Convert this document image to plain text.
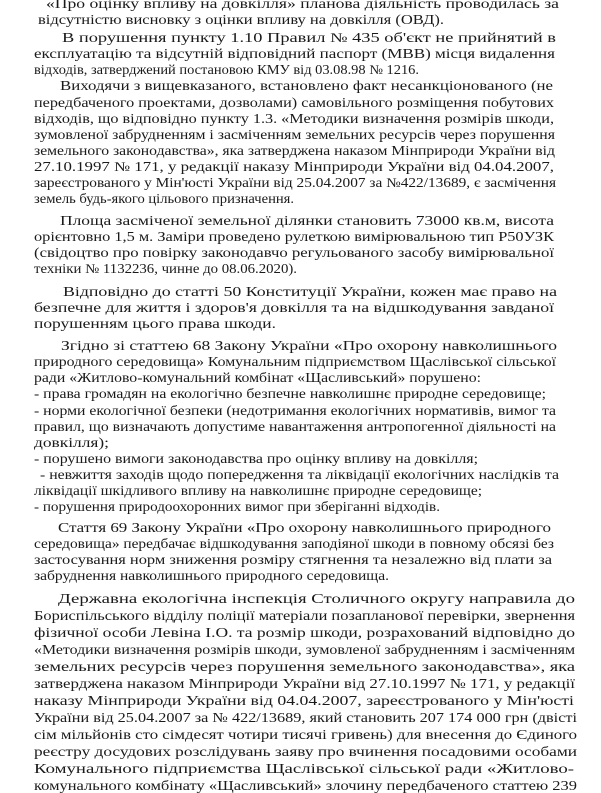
«Про оцінку впливу на довкілля» планова діяльність проводилась за
відсутністю висновку з оцінки впливу на довкілля (ОВД).
В порушення пункту 1.10 Правил № 435 об'єкт не прийнятий в
експлуатацію та відсутній відповідний паспорт (МВВ) місця видалення
відходів, затверджений постановою КМУ від 03.08.98 № 1216.
Виходячи з вищевказаного, встановлено факт несанкціонованого (не
передбаченого проектами, дозволами) самовільного розміщення побутових
відходів, що відповідно пункту 1.3. «Методики визначення розмірів шкоди,
зумовленої забрудненням і засміченням земельних ресурсів через порушення
земельного законодавства», яка затверджена наказом Мінприроди України від
27.10.1997 № 171, у редакції наказу Мінприроди України від 04.04.2007,
зареєстрованого у Мін'юсті України від 25.04.2007 за №422/13689, є засмічення
земель будь-якого цільового призначення.
Площа засміченої земельної ділянки становить 73000 кв.м, висота
орієнтовно 1,5 м. Заміри проведено рулеткою вимірювальною тип Р50УЗК
(свідоцтво про повірку законодавчо регульованого засобу вимірювальної
техніки № 1132236, чинне до 08.06.2020).
Відповідно до статті 50 Конституції України, кожен має право на
безпечне для життя і здоров'я довкілля та на відшкодування завданої
порушенням цього права шкоди.
Згідно зі статтею 68 Закону України «Про охорону навколишнього
природного середовища» Комунальним підприємством Щаслівської сільської
ради «Житлово-комунальний комбінат «Щасливський» порушено:
- права громадян на екологічно безпечне навколишнє природне середовище;
- норми екологічної безпеки (недотримання екологічних нормативів, вимог та
правил, що визначають допустиме навантаження антропогенної діяльності на
довкілля);
- порушено вимоги законодавства про оцінку впливу на довкілля;
- невжиття заходів щодо попередження та ліквідації екологічних наслідків та
ліквідації шкідливого впливу на навколишнє природне середовище;
- порушення природоохоронних вимог при зберіганні відходів.
Стаття 69 Закону України «Про охорону навколишнього природного
середовища» передбачає відшкодування заподіяної шкоди в повному обсязі без
застосування норм зниження розміру стягнення та незалежно від плати за
забруднення навколишнього природного середовища.
Державна екологічна інспекція Столичного округу направила до
Бориспільського відділу поліції матеріали позапланової перевірки, звернення
фізичної особи Левіна І.О. та розмір шкоди, розрахований відповідно до
«Методики визначення розмірів шкоди, зумовленої забрудненням і засміченням
земельних ресурсів через порушення земельного законодавства», яка
затверджена наказом Мінприроди України від 27.10.1997 № 171, у редакції
наказу Мінприроди України від 04.04.2007, зареєстрованого у Мін'юсті
України від 25.04.2007 за № 422/13689, який становить 207 174 000 грн (двісті
сім мільйонів сто сімдесят чотири тисячі гривень) для внесення до Єдиного
реєстру досудових розслідувань заяву про вчинення посадовими особами
Комунального підприємства Щаслівської сільської ради «Житлово-
комунального комбінату «Щасливський» злочину передбаченого статтею 239
